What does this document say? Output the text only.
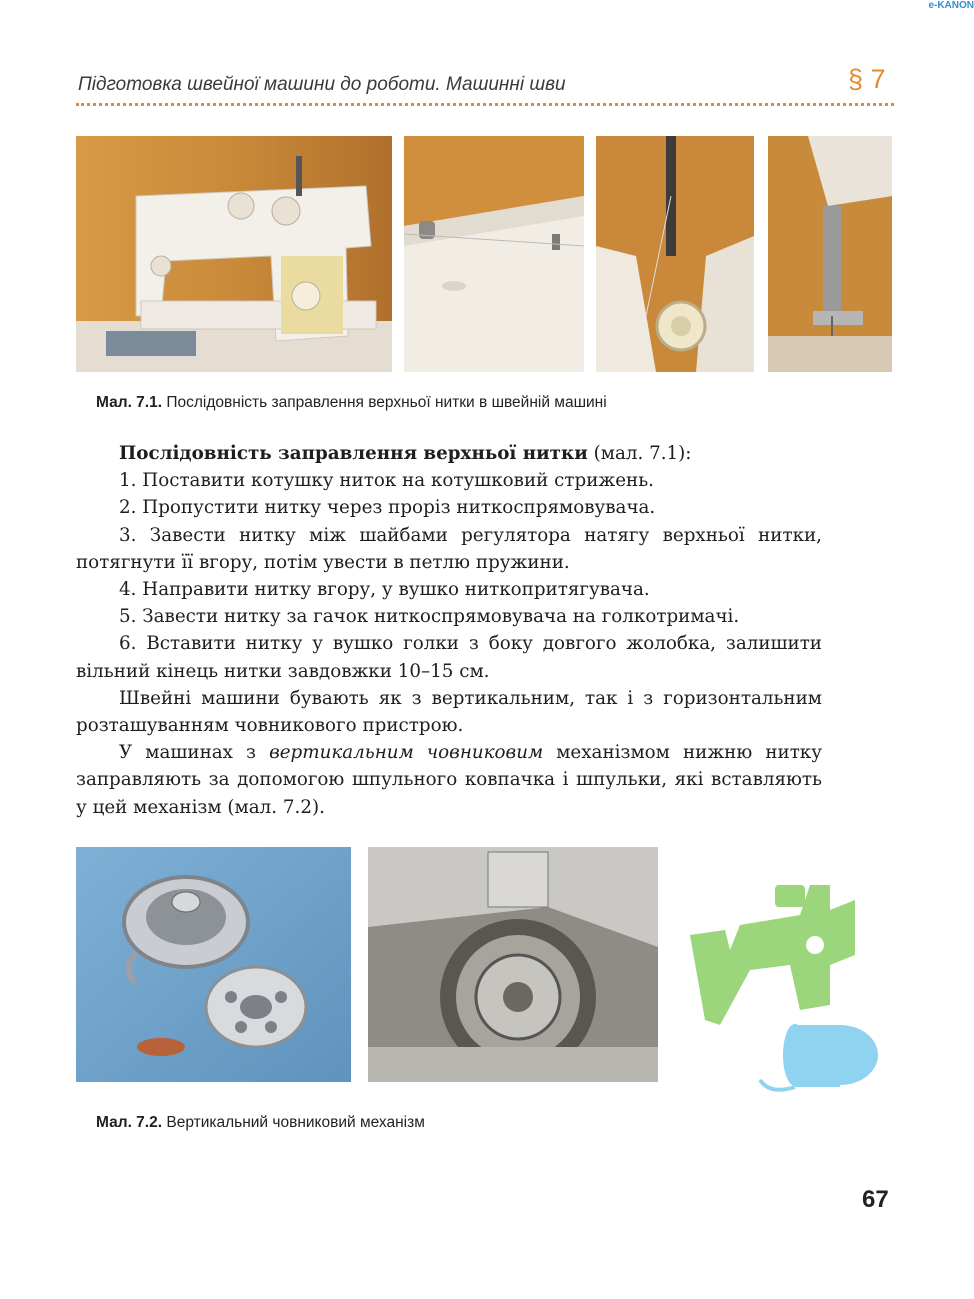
e-KANON
Підготовка швейної машини до роботи. Машинні шви	§ 7
Мал. 7.1. Послідовність заправлення верхньої нитки в швейній машині

Послідовність заправлення верхньої нитки (мал. 7.1):

1. Поставити котушку ниток на котушковий стрижень.

2. Пропустити нитку через проріз ниткоспрямовувача.

3. Завести нитку між шайбами регулятора натягу верхньої нитки, потягнути її вгору, потім увести в петлю пружини.

4. Направити нитку вгору, у вушко ниткопритягувача.

5. Завести нитку за гачок ниткоспрямовувача на голкотримачі.

6. Вставити нитку у вушко голки з боку довгого жолобка, залишити вільний кінець нитки завдовжки 10–15 см.

Швейні машини бувають як з вертикальним, так і з горизонтальним розташуванням човникового пристрою.

У машинах з вертикальним човниковим механізмом нижню нитку заправляють за допомогою шпульного ковпачка і шпульки, які вставляють у цей механізм (мал. 7.2).

Мал. 7.2. Вертикальний човниковий механізм
67
